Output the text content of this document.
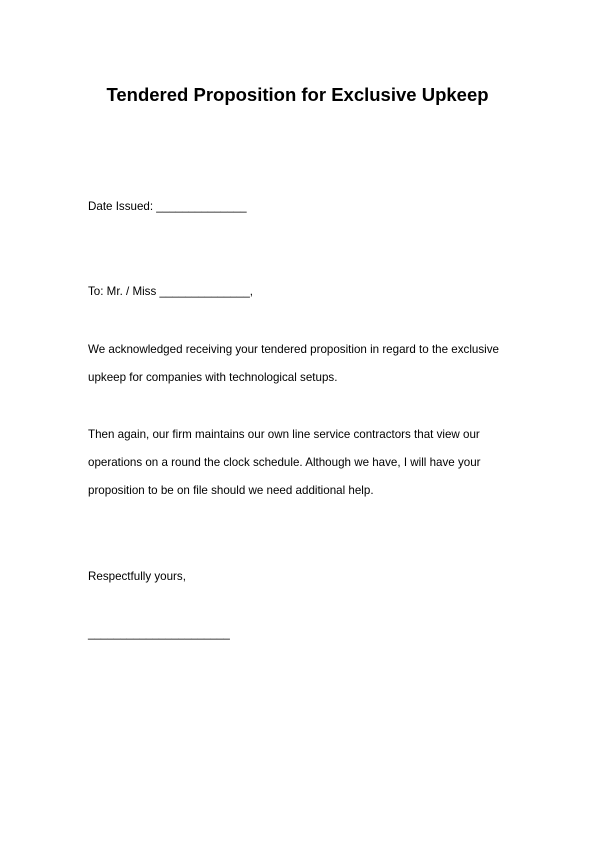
Tendered Proposition for Exclusive Upkeep
Date Issued: ______________
To: Mr. / Miss ______________,
We acknowledged receiving your tendered proposition in regard to the exclusive
upkeep for companies with technological setups.
Then again, our firm maintains our own line service contractors that view our
operations on a round the clock schedule. Although we have, I will have your
proposition to be on file should we need additional help.
Respectfully yours,
______________________
